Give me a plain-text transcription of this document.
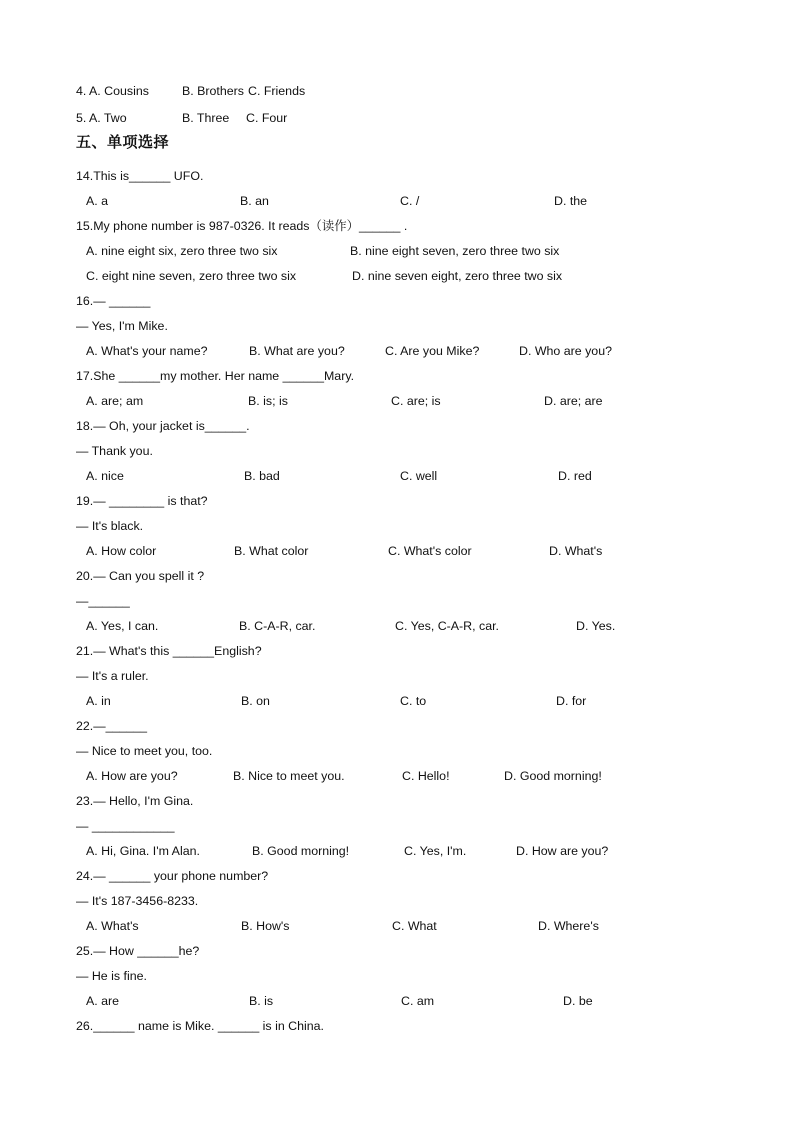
4. A. Cousins	B. Brothers C. Friends
5. A. Two	B. Three C. Four
五、单项选择
14.This is______ UFO.
A. a	B. an	C. /	D. the
15.My phone number is 987-0326. It reads（读作）______ .
A. nine eight six, zero three two six	B. nine eight seven, zero three two six
C. eight nine seven, zero three two six	D. nine seven eight, zero three two six
16.— ______
— Yes, I'm Mike.
A. What's your name?	B. What are you?	C. Are you Mike?	D. Who are you?
17.She ______my mother. Her name ______Mary.
A. are; am	B. is; is	C. are; is	D. are; are
18.— Oh, your jacket is______.
— Thank you.
A. nice	B. bad	C. well	D. red
19.— ________ is that?
— It's black.
A. How color	B. What color	C. What's color	D. What's
20.— Can you spell it ?
—______
A. Yes, I can.	B. C-A-R, car.	C. Yes, C-A-R, car.	D. Yes.
21.— What's this ______English?
— It's a ruler.
A. in	B. on	C. to	D. for
22.—______
— Nice to meet you, too.
A. How are you?	B. Nice to meet you.	C. Hello!	D. Good morning!
23.— Hello, I'm Gina.
— ____________
A. Hi, Gina. I'm Alan.	B. Good morning!	C. Yes, I'm.	D. How are you?
24.— ______ your phone number?
— It's 187-3456-8233.
A. What's	B. How's	C. What	D. Where's
25.— How ______he?
— He is fine.
A. are	B. is	C. am	D. be
26.______ name is Mike. ______ is in China.
